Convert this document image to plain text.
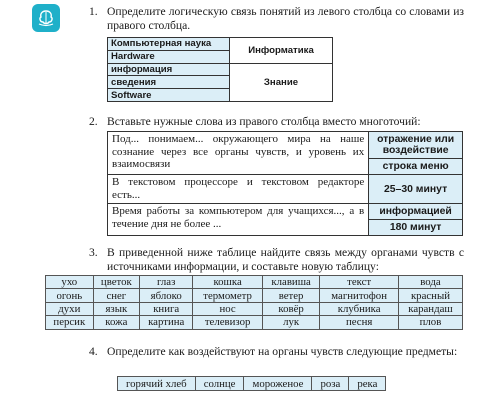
1. Определите логическую связь понятий из левого столбца со словами из правого столбца.
Компьютерная наука	Информатика
Hardware	
информация	Знание
сведения	
Software	
2. Вставьте нужные слова из правого столбца вместо многоточий:
Под... понимаем... окружающего мира на наше сознание через все органы чувств, и уровень их взаимосвязи	отражение или воздействие
	строка меню
В текстовом процессоре и текстовом редакторе есть...	25–30 минут
Время работы за компьютером для учащихся..., а в течение дня не более ...	информацией
	180 минут
3. В приведенной ниже таблице найдите связь между органами чувств с источниками информации, и составьте новую таблицу:
ухо	цветок	глаз	кошка	клавиша	текст	вода
огонь	снег	яблоко	термометр	ветер	магнитофон	красный
духи	язык	книга	нос	ковёр	клубника	карандаш
персик	кожа	картина	телевизор	лук	песня	плов
4. Определите как воздействуют на органы чувств следующие предметы:
горячий хлеб	солнце	мороженое	роза	река
